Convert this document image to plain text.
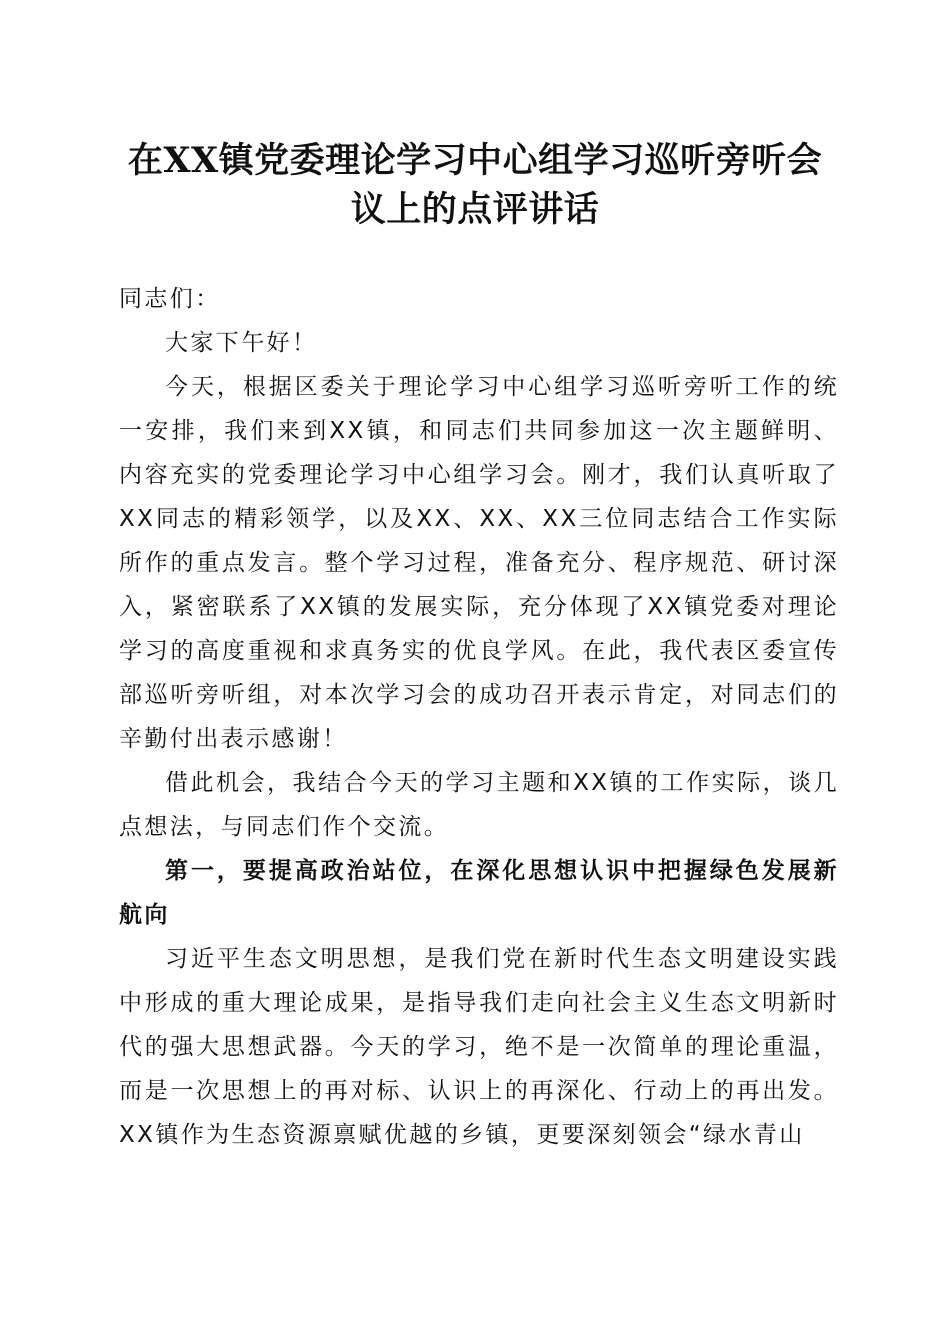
在XX镇党委理论学习中心组学习巡听旁听会
议上的点评讲话
同志们：

大家下午好！

今天，根据区委关于理论学习中心组学习巡听旁听工作的统一安排，我们来到XX镇，和同志们共同参加这一次主题鲜明、内容充实的党委理论学习中心组学习会。刚才，我们认真听取了XX同志的精彩领学，以及XX、XX、XX三位同志结合工作实际所作的重点发言。整个学习过程，准备充分、程序规范、研讨深入，紧密联系了XX镇的发展实际，充分体现了XX镇党委对理论学习的高度重视和求真务实的优良学风。在此，我代表区委宣传部巡听旁听组，对本次学习会的成功召开表示肯定，对同志们的辛勤付出表示感谢！

借此机会，我结合今天的学习主题和XX镇的工作实际，谈几点想法，与同志们作个交流。

第一，要提高政治站位，在深化思想认识中把握绿色发展新航向

习近平生态文明思想，是我们党在新时代生态文明建设实践中形成的重大理论成果，是指导我们走向社会主义生态文明新时代的强大思想武器。今天的学习，绝不是一次简单的理论重温，而是一次思想上的再对标、认识上的再深化、行动上的再出发。XX镇作为生态资源禀赋优越的乡镇，更要深刻领会“绿水青山
